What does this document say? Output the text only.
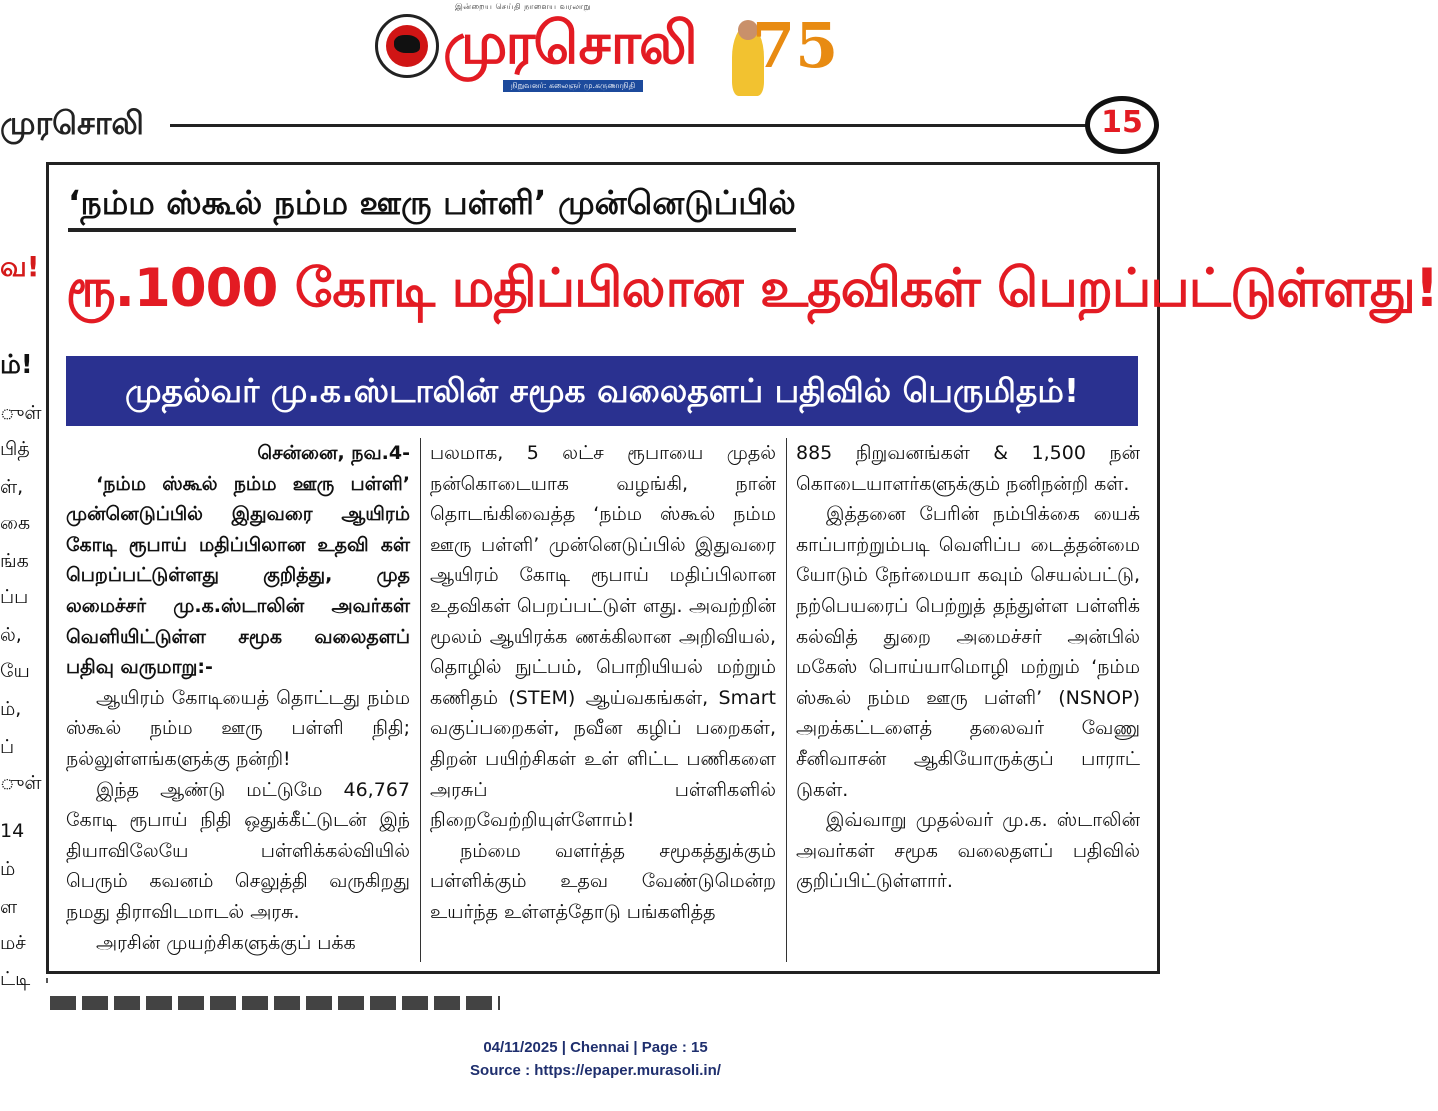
இன்றைய செய்தி நாளைய வரலாறு
முரசொலி
நிறுவனர்: கலைஞர் மு.கருணாநிதி
75
முரசொலி	15
வ!
ம்!
ுள்
பித்
ள்,
கை
ங்க
ப்ப
ல்,
யே
ம்,
ப்
ுள்
14
ம்
ள
மச்
ட்டி
‘நம்ம ஸ்கூல் நம்ம ஊரு பள்ளி’ முன்னெடுப்பில்
ரூ.1000 கோடி மதிப்பிலான உதவிகள் பெறப்பட்டுள்ளது!
முதல்வர் மு.க.ஸ்டாலின் சமூக வலைதளப் பதிவில் பெருமிதம்!

சென்னை, நவ.4-

‘நம்ம ஸ்கூல் நம்ம ஊரு பள்ளி’ முன்னெடுப்பில் இதுவரை ஆயிரம் கோடி ரூபாய் மதிப்பிலான உதவி கள் பெறப்பட்டுள்ளது குறித்து, முத லமைச்சர் மு.க.ஸ்டாலின் அவர்கள் வெளியிட்டுள்ள சமூக வலைதளப் பதிவு வருமாறு:-

ஆயிரம் கோடியைத் தொட்டது நம்ம ஸ்கூல் நம்ம ஊரு பள்ளி நிதி; நல்லுள்ளங்களுக்கு நன்றி!

இந்த ஆண்டு மட்டுமே 46,767 கோடி ரூபாய் நிதி ஒதுக்கீட்டுடன் இந் தியாவிலேயே பள்ளிக்கல்வியில் பெரும் கவனம் செலுத்தி வருகிறது நமது திராவிடமாடல் அரசு.

அரசின் முயற்சிகளுக்குப் பக்க

பலமாக, 5 லட்ச ரூபாயை முதல் நன்கொடையாக வழங்கி, நான் தொடங்கிவைத்த ‘நம்ம ஸ்கூல் நம்ம ஊரு பள்ளி’ முன்னெடுப்பில் இதுவரை ஆயிரம் கோடி ரூபாய் மதிப்பிலான உதவிகள் பெறப்பட்டுள் ளது. அவற்றின் மூலம் ஆயிரக்க ணக்கிலான அறிவியல், தொழில் நுட்பம், பொறியியல் மற்றும் கணிதம் (STEM) ஆய்வகங்கள், Smart வகுப்பறைகள், நவீன கழிப் பறைகள், திறன் பயிற்சிகள் உள் ளிட்ட பணிகளை அரசுப் பள்ளிகளில் நிறைவேற்றியுள்ளோம்!

நம்மை வளர்த்த சமூகத்துக்கும் பள்ளிக்கும் உதவ வேண்டுமென்ற உயர்ந்த உள்ளத்தோடு பங்களித்த

885 நிறுவனங்கள் & 1,500 நன் கொடையாளர்களுக்கும் நனிநன்றி கள்.

இத்தனை பேரின் நம்பிக்கை யைக் காப்பாற்றும்படி வெளிப்ப டைத்தன்மை யோடும் நேர்மையா கவும் செயல்பட்டு, நற்பெயரைப் பெற்றுத் தந்துள்ள பள்ளிக் கல்வித் துறை அமைச்சர் அன்பில் மகேஸ் பொய்யாமொழி மற்றும் ‘நம்ம ஸ்கூல் நம்ம ஊரு பள்ளி’ (NSNOP) அறக்கட்டளைத் தலைவர் வேணு சீனிவாசன் ஆகியோருக்குப் பாராட் டுகள்.

இவ்வாறு முதல்வர் மு.க. ஸ்டாலின் அவர்கள் சமூக வலைதளப் பதிவில் குறிப்பிட்டுள்ளார்.

04/11/2025 | Chennai | Page : 15
Source : https://epaper.murasoli.in/
